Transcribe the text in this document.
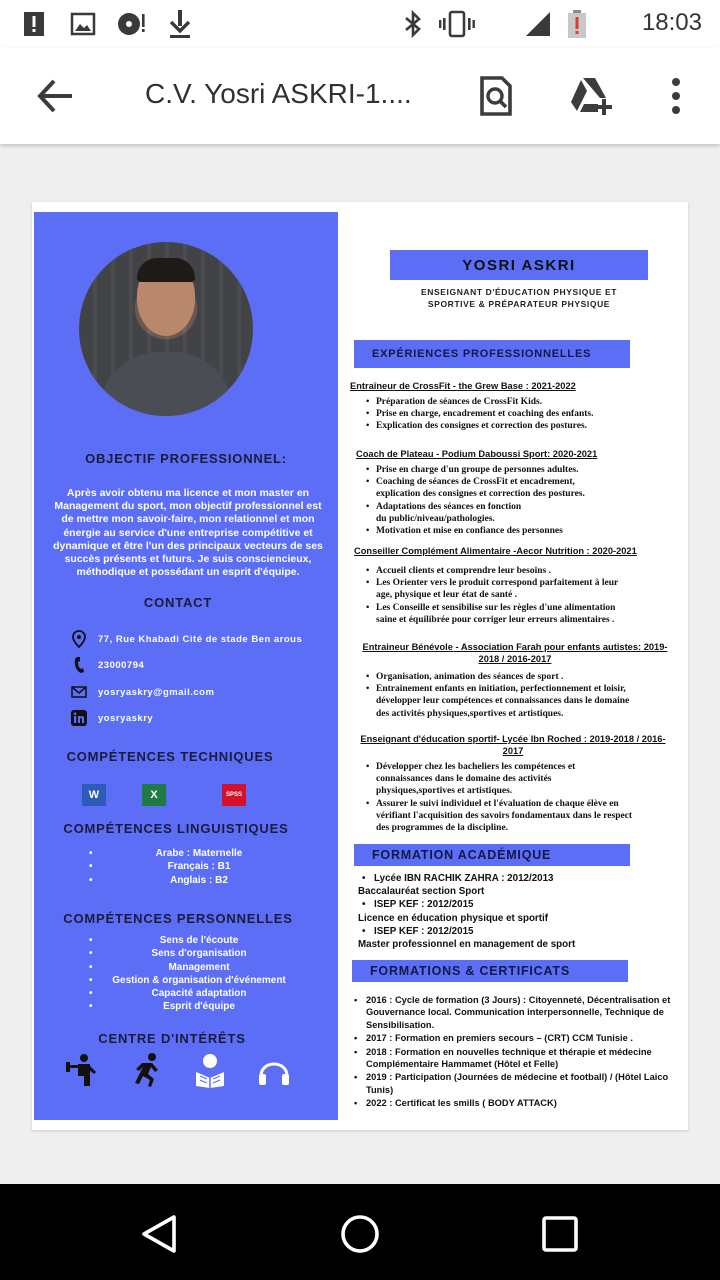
18:03
C.V. Yosri ASKRI-1....
OBJECTIF PROFESSIONNEL:
Après avoir obtenu ma licence et mon master en Management du sport, mon objectif professionnel est de mettre mon savoir-faire, mon relationnel et mon énergie au service d'une entreprise compétitive et dynamique et être l'un des principaux vecteurs de ses succès présents et futurs. Je suis consciencieux, méthodique et possédant un esprit d'équipe.
CONTACT
77, Rue Khabadi Cité de stade Ben arous
23000794
yosryaskry@gmail.com
yosryaskry
COMPÉTENCES TECHNIQUES
W	X	SPSS
COMPÉTENCES LINGUISTIQUES
• Arabe : Maternelle
• Français : B1
• Anglais : B2
COMPÉTENCES PERSONNELLES
• Sens de l'écoute
• Sens d'organisation
• Management
• Gestion & organisation d'événement
• Capacité adaptation
• Esprit d'équipe
CENTRE D'INTÉRÊTS
YOSRI ASKRI
ENSEIGNANT D'ÉDUCATION PHYSIQUE ET
SPORTIVE & PRÉPARATEUR PHYSIQUE
EXPÉRIENCES PROFESSIONNELLES
Entraîneur de CrossFit - the Grew Base : 2021-2022
• Préparation de séances de CrossFit Kids.
• Prise en charge, encadrement et coaching des enfants.
• Explication des consignes et correction des postures.
Coach de Plateau - Podium Daboussi Sport: 2020-2021
• Prise en charge d'un groupe de personnes adultes.
• Coaching de séances de CrossFit et encadrement, explication des consignes et correction des postures.
• Adaptations des séances en fonction du public/niveau/pathologies.
• Motivation et mise en confiance des personnes
Conseiller Complément Alimentaire -Aecor Nutrition : 2020-2021
• Accueil clients et comprendre leur besoins .
• Les Orienter vers le produit correspond parfaitement à leur age, physique et leur état de santé .
• Les Conseille et sensibilise sur les règles d'une alimentation saine et équilibrée pour corriger leur erreurs alimentaires .
Entraineur Bénévole - Association Farah pour enfants autistes: 2019-2018 / 2016-2017
• Organisation, animation des séances de sport .
• Entrainement enfants en initiation, perfectionnement et loisir, développer leur compétences et connaissances dans le domaine des activités physiques,sportives et artistiques.
Enseignant d'éducation sportif- Lycée Ibn Roched : 2019-2018 / 2016-2017
• Développer chez les bacheliers les compétences et connaissances dans le domaine des activités physiques,sportives et artistiques.
• Assurer le suivi individuel et l'évaluation de chaque élève en vérifiant l'acquisition des savoirs fondamentaux dans le respect des programmes de la discipline.
FORMATION ACADÉMIQUE
• Lycée IBN RACHIK ZAHRA : 2012/2013
Baccalauréat section Sport
• ISEP KEF : 2012/2015
Licence en éducation physique et sportif
• ISEP KEF : 2012/2015
Master professionnel en management de sport
FORMATIONS & CERTIFICATS
• 2016 : Cycle de formation (3 Jours) : Citoyenneté, Décentralisation et Gouvernance local. Communication interpersonnelle, Technique de Sensibilisation.
• 2017 : Formation en premiers secours – (CRT) CCM Tunisie .
• 2018 : Formation en nouvelles technique et thérapie et médecine Complémentaire Hammamet (Hôtel et Felle)
• 2019 : Participation (Journées de médecine et football) / (Hôtel Laico Tunis)
• 2022 : Certificat les smills ( BODY ATTACK)
